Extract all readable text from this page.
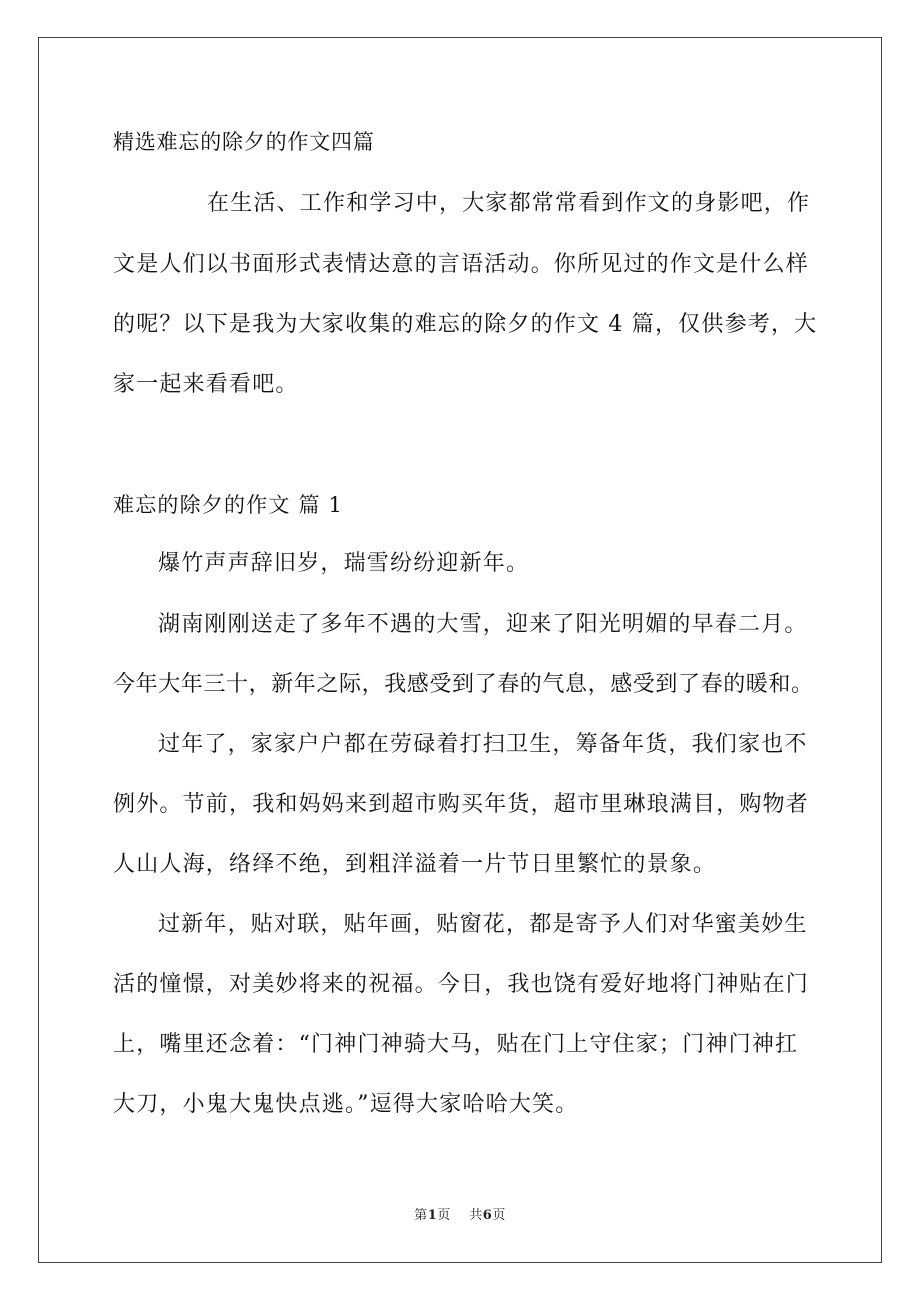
精选难忘的除夕的作文四篇
在生活、工作和学习中，大家都常常看到作文的身影吧，作
文是人们以书面形式表情达意的言语活动。你所见过的作文是什么样
的呢？以下是我为大家收集的难忘的除夕的作文 4 篇，仅供参考，大
家一起来看看吧。
难忘的除夕的作文 篇 1
爆竹声声辞旧岁，瑞雪纷纷迎新年。
湖南刚刚送走了多年不遇的大雪，迎来了阳光明媚的早春二月。
今年大年三十，新年之际，我感受到了春的气息，感受到了春的暖和。
过年了，家家户户都在劳碌着打扫卫生，筹备年货，我们家也不
例外。节前，我和妈妈来到超市购买年货，超市里琳琅满目，购物者
人山人海，络绎不绝，到粗洋溢着一片节日里繁忙的景象。
过新年，贴对联，贴年画，贴窗花，都是寄予人们对华蜜美妙生
活的憧憬，对美妙将来的祝福。今日，我也饶有爱好地将门神贴在门
上，嘴里还念着：“门神门神骑大马，贴在门上守住家；门神门神扛
大刀，小鬼大鬼快点逃。”逗得大家哈哈大笑。
第1页    共6页
